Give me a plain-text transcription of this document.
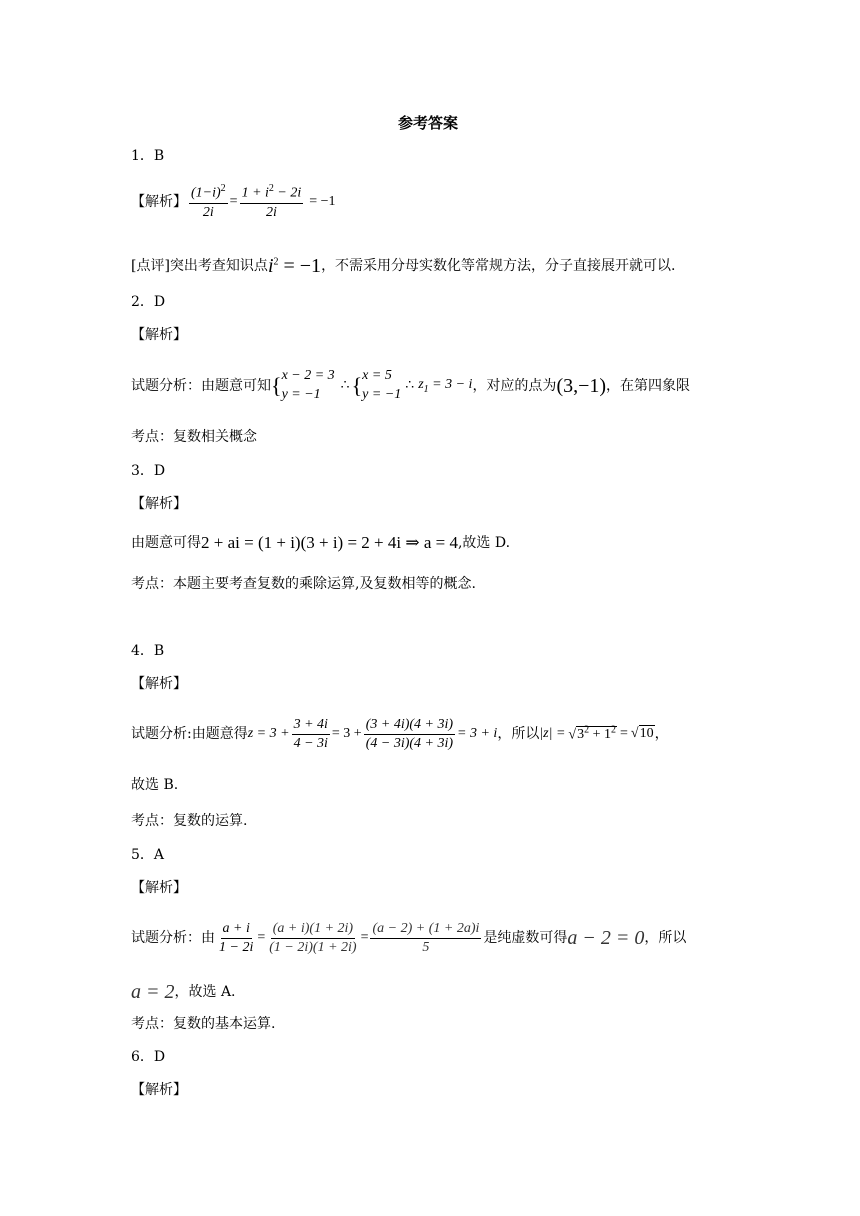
参考答案
1．B
【解析】 $\frac{(1-i)^2}{2i} = \frac{1 + i^2 - 2i}{2i} = -1$
[点评]突出考查知识点 $i^2 = -1$ ，不需采用分母实数化等常规方法，分子直接展开就可以.
2．D
【解析】
试题分析：由题意可知 { x − 2 = 3
y = −1
∴ { x = 5
y = −1
∴ $z_1 = 3 - i$ ，对应的点为 (3,−1) ，在第四象限
考点：复数相关概念
3．D
【解析】
由题意可得 2 + ai = (1 + i)(3 + i) = 2 + 4i ⇒ a = 4 ,故选 D.
考点：本题主要考查复数的乘除运算,及复数相等的概念.
4．B
【解析】
试题分析:由题意得 $z = 3 + \frac{3 + 4i}{4 - 3i} = 3 + \frac{(3 + 4i)(4 + 3i)}{(4 - 3i)(4 + 3i)} = 3 + i$ ，所以 $|z| = √3^2 + 1^2 = √10$ ，
故选 B.
考点：复数的运算.
5．A
【解析】
试题分析：由 $\frac{a + i}{1 - 2i} = \frac{(a + i)(1 + 2i)}{(1 - 2i)(1 + 2i)} = \frac{(a - 2) + (1 + 2a)i}{5}$ 是纯虚数可得 a − 2 = 0 ，所以
a = 2 ，故选 A.
考点：复数的基本运算.
6．D
【解析】
